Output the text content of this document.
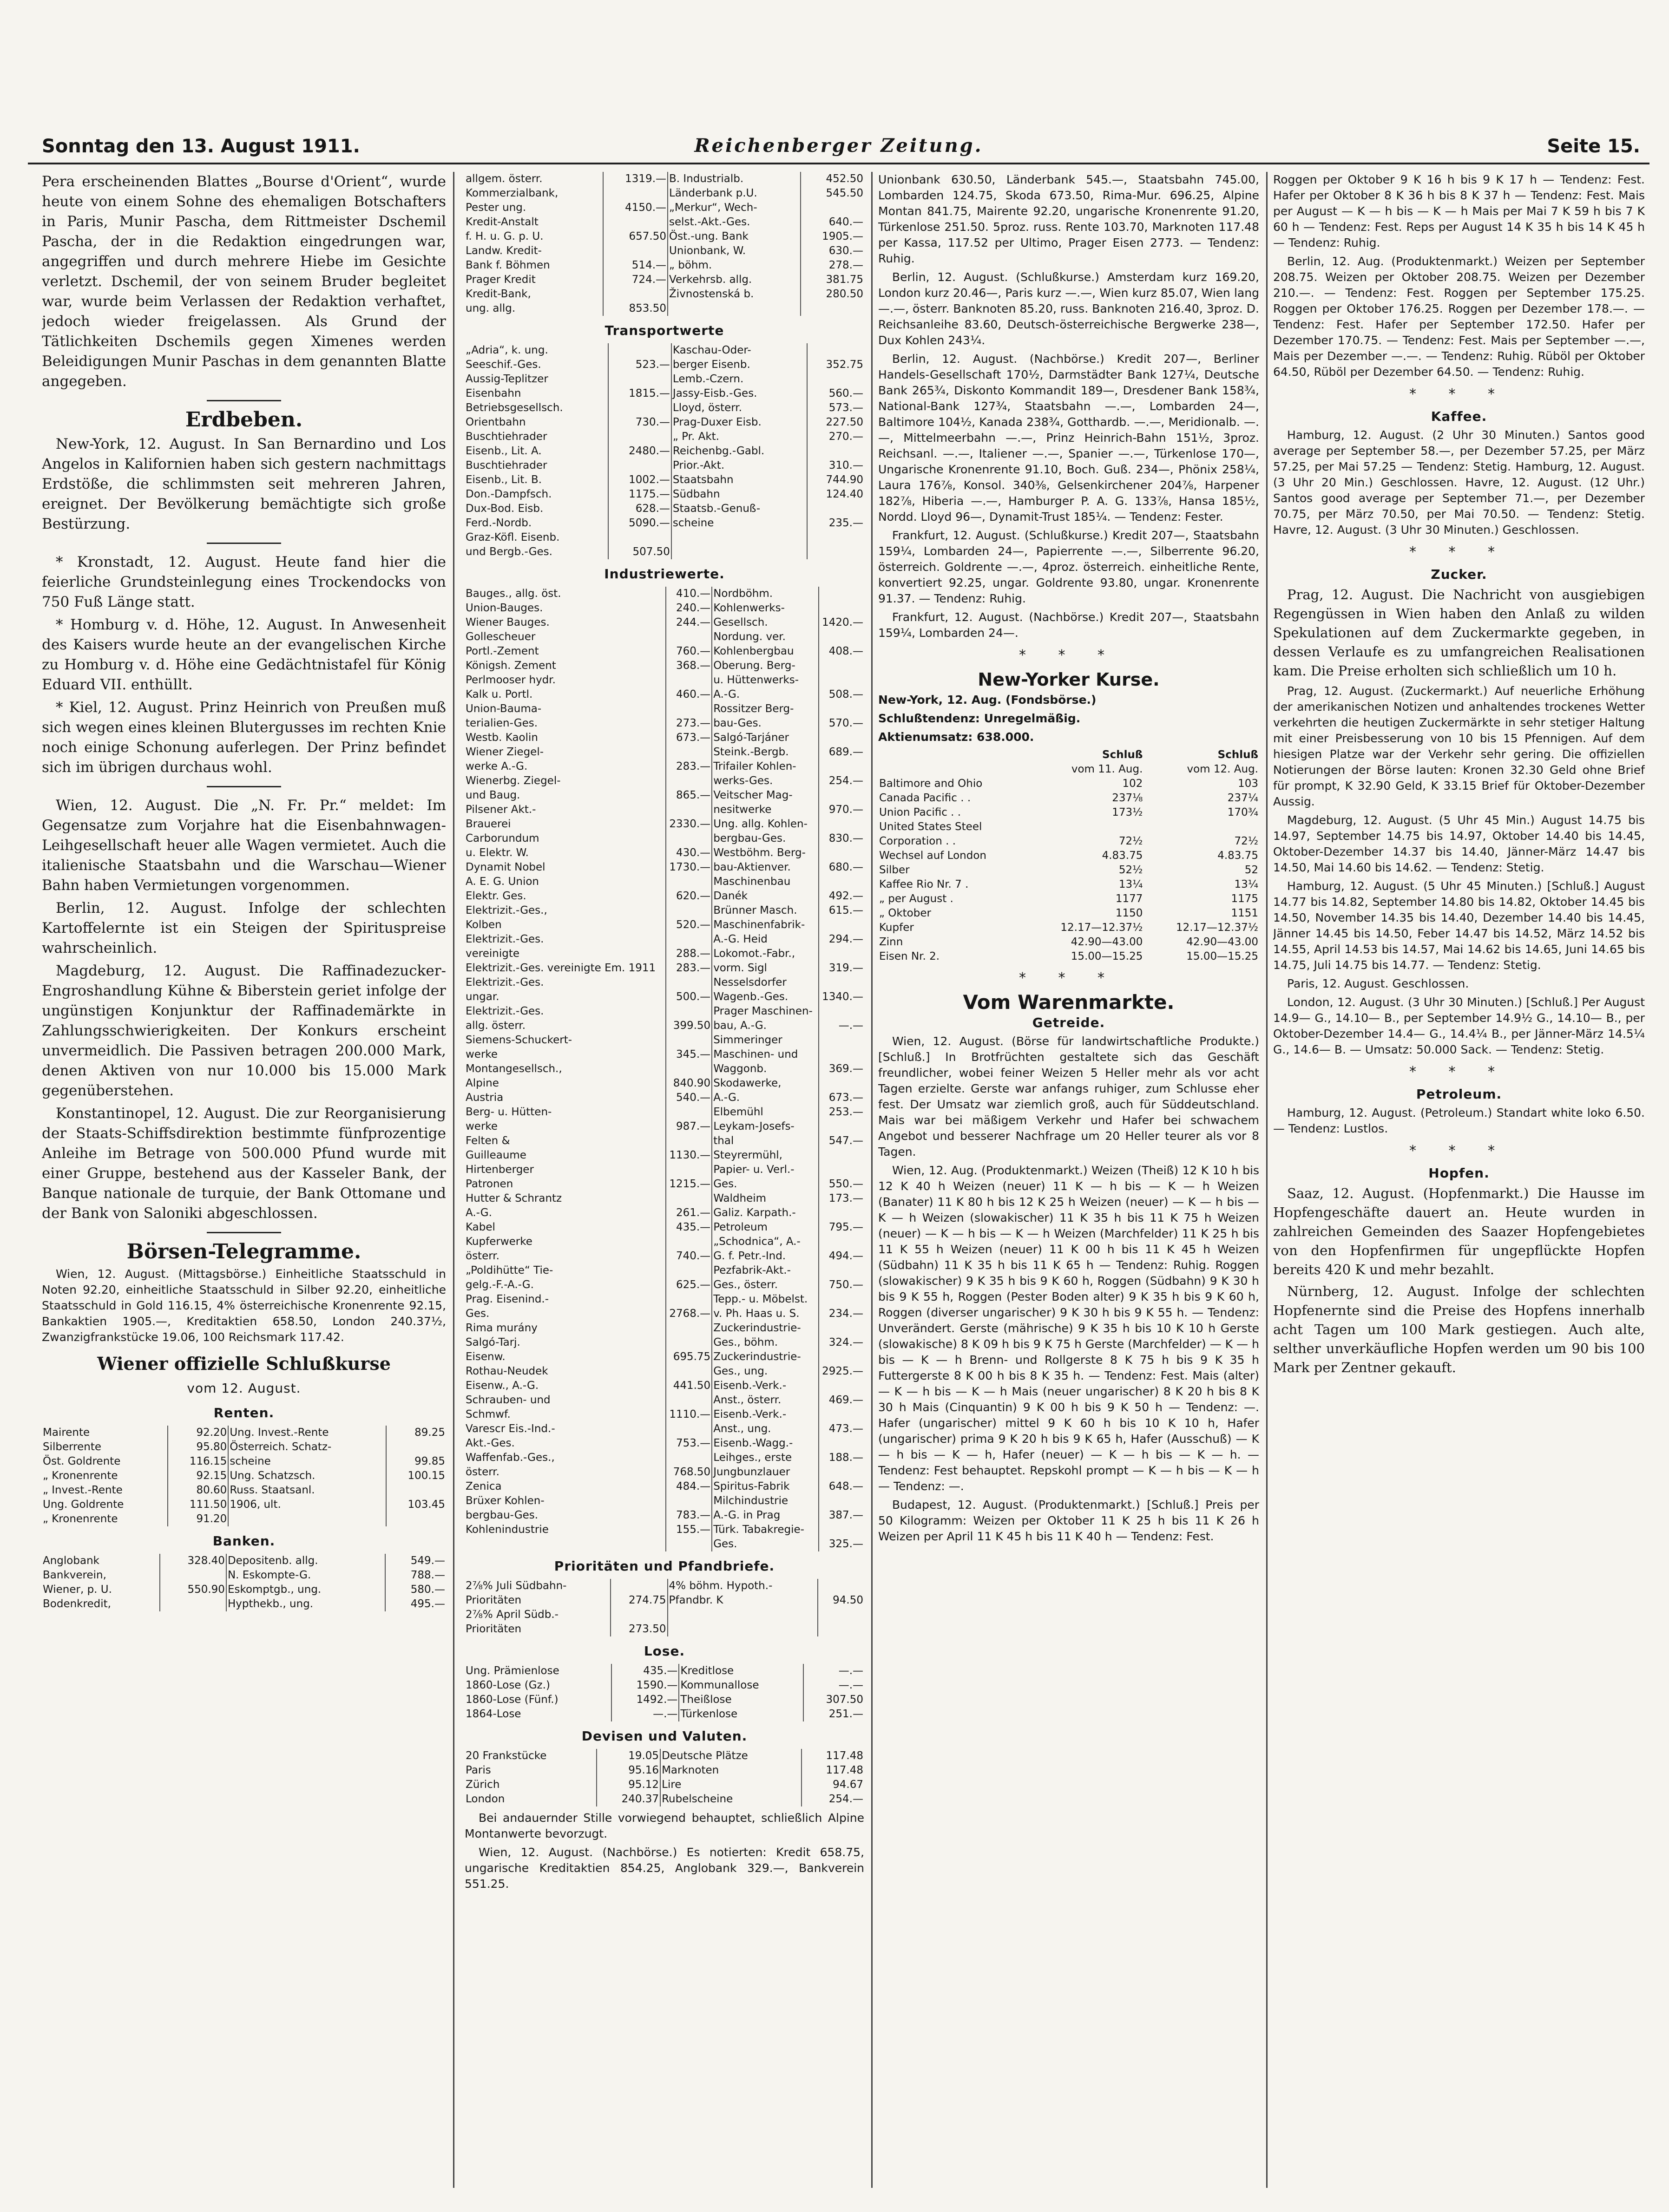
Sonntag den 13. August 1911.	Reichenberger Zeitung.	Seite 15.

Pera erscheinenden Blattes „Bourse d'Orient“, wurde heute von einem Sohne des ehemaligen Botschafters in Paris, Munir Pascha, dem Rittmeister Dschemil Pascha, der in die Redaktion eingedrungen war, angegriffen und durch mehrere Hiebe im Gesichte verletzt. Dschemil, der von seinem Bruder begleitet war, wurde beim Verlassen der Redaktion verhaftet, jedoch wieder freigelassen. Als Grund der Tätlichkeiten Dschemils gegen Ximenes werden Beleidigungen Munir Paschas in dem genannten Blatte angegeben.

Erdbeben.

New-York, 12. August. In San Bernardino und Los Angelos in Kalifornien haben sich gestern nachmittags Erdstöße, die schlimmsten seit mehreren Jahren, ereignet. Der Bevölkerung bemächtigte sich große Bestürzung.

* Kronstadt, 12. August. Heute fand hier die feierliche Grundsteinlegung eines Trockendocks von 750 Fuß Länge statt.

* Homburg v. d. Höhe, 12. August. In Anwesenheit des Kaisers wurde heute an der evangelischen Kirche zu Homburg v. d. Höhe eine Gedächtnistafel für König Eduard VII. enthüllt.

* Kiel, 12. August. Prinz Heinrich von Preußen muß sich wegen eines kleinen Blutergusses im rechten Knie noch einige Schonung auferlegen. Der Prinz befindet sich im übrigen durchaus wohl.

Wien, 12. August. Die „N. Fr. Pr.“ meldet: Im Gegensatze zum Vorjahre hat die Eisenbahnwagen-Leihgesellschaft heuer alle Wagen vermietet. Auch die italienische Staatsbahn und die Warschau—Wiener Bahn haben Vermietungen vorgenommen.

Berlin, 12. August. Infolge der schlechten Kartoffelernte ist ein Steigen der Spirituspreise wahrscheinlich.

Magdeburg, 12. August. Die Raffinadezucker-Engroshandlung Kühne & Biberstein geriet infolge der ungünstigen Konjunktur der Raffinademärkte in Zahlungsschwierigkeiten. Der Konkurs erscheint unvermeidlich. Die Passiven betragen 200.000 Mark, denen Aktiven von nur 10.000 bis 15.000 Mark gegenüberstehen.

Konstantinopel, 12. August. Die zur Reorganisierung der Staats-Schiffsdirektion bestimmte fünfprozentige Anleihe im Betrage von 500.000 Pfund wurde mit einer Gruppe, bestehend aus der Kasseler Bank, der Banque nationale de turquie, der Bank Ottomane und der Bank von Saloniki abgeschlossen.

Börsen-Telegramme.

Wien, 12. August. (Mittagsbörse.) Einheitliche Staatsschuld in Noten 92.20, einheitliche Staatsschuld in Silber 92.20, einheitliche Staatsschuld in Gold 116.15, 4% österreichische Kronenrente 92.15, Bankaktien 1905.—, Kreditaktien 658.50, London 240.37½, Zwanzigfrankstücke 19.06, 100 Reichsmark 117.42.

Wiener offizielle Schlußkurse
vom 12. August.
Renten.
Mairente	92.20	Ung. Invest.-Rente	89.25
Silberrente	95.80	Österreich. Schatz-	
Öst. Goldrente	116.15	scheine	99.85
„ Kronenrente	92.15	Ung. Schatzsch.	100.15
„ Invest.-Rente	80.60	Russ. Staatsanl.	
Ung. Goldrente	111.50	1906, ult.	103.45
„ Kronenrente	91.20		
Banken.
Anglobank	328.40	Depositenb. allg.	549.—
Bankverein,		N. Eskompte-G.	788.—
Wiener, p. U.	550.90	Eskomptgb., ung.	580.—
Bodenkredit,		Hypthekb., ung.	495.—
allgem. österr.	1319.—	B. Industrialb.	452.50
Kommerzialbank,		Länderbank p.U.	545.50
Pester ung.	4150.—	„Merkur“, Wech-	
Kredit-Anstalt		selst.-Akt.-Ges.	640.—
f. H. u. G. p. U.	657.50	Öst.-ung. Bank	1905.—
Landw. Kredit-		Unionbank, W.	630.—
Bank f. Böhmen	514.—	„ böhm.	278.—
Prager Kredit	724.—	Verkehrsb. allg.	381.75
Kredit-Bank,		Živnostenská b.	280.50
ung. allg.	853.50		
Transportwerte
„Adria“, k. ung.		Kaschau-Oder-	
Seeschif.-Ges.	523.—	berger Eisenb.	352.75
Aussig-Teplitzer		Lemb.-Czern.	
Eisenbahn	1815.—	Jassy-Eisb.-Ges.	560.—
Betriebsgesellsch.		Lloyd, österr.	573.—
Orientbahn	730.—	Prag-Duxer Eisb.	227.50
Buschtiehrader		„ Pr. Akt.	270.—
Eisenb., Lit. A.	2480.—	Reichenbg.-Gabl.	
Buschtiehrader		Prior.-Akt.	310.—
Eisenb., Lit. B.	1002.—	Staatsbahn	744.90
Don.-Dampfsch.	1175.—	Südbahn	124.40
Dux-Bod. Eisb.	628.—	Staatsb.-Genuß-	
Ferd.-Nordb.	5090.—	scheine	235.—
Graz-Köfl. Eisenb.			
und Bergb.-Ges.	507.50		
Industriewerte.
Bauges., allg. öst.	410.—	Nordböhm.	
Union-Bauges.	240.—	Kohlenwerks-	
Wiener Bauges.	244.—	Gesellsch.	1420.—
Gollescheuer		Nordung. ver.	
Portl.-Zement	760.—	Kohlenbergbau	408.—
Königsh. Zement	368.—	Oberung. Berg-	
Perlmooser hydr.		u. Hüttenwerks-	
Kalk u. Portl.	460.—	A.-G.	508.—
Union-Bauma-		Rossitzer Berg-	
terialien-Ges.	273.—	bau-Ges.	570.—
Westb. Kaolin	673.—	Salgó-Tarjáner	
Wiener Ziegel-		Steink.-Bergb.	689.—
werke A.-G.	283.—	Trifailer Kohlen-	
Wienerbg. Ziegel-		werks-Ges.	254.—
und Baug.	865.—	Veitscher Mag-	
Pilsener Akt.-		nesitwerke	970.—
Brauerei	2330.—	Ung. allg. Kohlen-	
Carborundum		bergbau-Ges.	830.—
u. Elektr. W.	430.—	Westböhm. Berg-	
Dynamit Nobel	1730.—	bau-Aktienver.	680.—
A. E. G. Union		Maschinenbau	
Elektr. Ges.	620.—	Danék	492.—
Elektrizit.-Ges.,		Brünner Masch.	615.—
Kolben	520.—	Maschinenfabrik-	
Elektrizit.-Ges.		A.-G. Heid	294.—
vereinigte	288.—	Lokomot.-Fabr.,	
Elektrizit.-Ges. vereinigte Em. 1911	283.—	vorm. Sigl	319.—
Elektrizit.-Ges.		Nesselsdorfer	
ungar.	500.—	Wagenb.-Ges.	1340.—
Elektrizit.-Ges.		Prager Maschinen-	
allg. österr.	399.50	bau, A.-G.	—.—
Siemens-Schuckert-		Simmeringer	
werke	345.—	Maschinen- und	
Montangesellsch.,		Waggonb.	369.—
Alpine	840.90	Skodawerke,	
Austria	540.—	A.-G.	673.—
Berg- u. Hütten-		Elbemühl	253.—
werke	987.—	Leykam-Josefs-	
Felten &		thal	547.—
Guilleaume	1130.—	Steyrermühl,	
Hirtenberger		Papier- u. Verl.-	
Patronen	1215.—	Ges.	550.—
Hutter & Schrantz		Waldheim	173.—
A.-G.	261.—	Galiz. Karpath.-	
Kabel	435.—	Petroleum	795.—
Kupferwerke		„Schodnica“, A.-	
österr.	740.—	G. f. Petr.-Ind.	494.—
„Poldihütte“ Tie-		Pezfabrik-Akt.-	
gelg.-F.-A.-G.	625.—	Ges., österr.	750.—
Prag. Eisenind.-		Tepp.- u. Möbelst.	
Ges.	2768.—	v. Ph. Haas u. S.	234.—
Rima murány		Zuckerindustrie-	
Salgó-Tarj.		Ges., böhm.	324.—
Eisenw.	695.75	Zuckerindustrie-	
Rothau-Neudek		Ges., ung.	2925.—
Eisenw., A.-G.	441.50	Eisenb.-Verk.-	
Schrauben- und		Anst., österr.	469.—
Schmwf.	1110.—	Eisenb.-Verk.-	
Varescr Eis.-Ind.-		Anst., ung.	473.—
Akt.-Ges.	753.—	Eisenb.-Wagg.-	
Waffenfab.-Ges.,		Leihges., erste	188.—
österr.	768.50	Jungbunzlauer	
Zenica	484.—	Spiritus-Fabrik	648.—
Brüxer Kohlen-		Milchindustrie	
bergbau-Ges.	783.—	A.-G. in Prag	387.—
Kohlenindustrie	155.—	Türk. Tabakregie-	
		Ges.	325.—
Prioritäten und Pfandbriefe.
2⅞% Juli Südbahn-		4% böhm. Hypoth.-	
Prioritäten	274.75	Pfandbr. K	94.50
2⅞% April Südb.-			
Prioritäten	273.50		
Lose.
Ung. Prämienlose	435.—	Kreditlose	—.—
1860-Lose (Gz.)	1590.—	Kommunallose	—.—
1860-Lose (Fünf.)	1492.—	Theißlose	307.50
1864-Lose	—.—	Türkenlose	251.—
Devisen und Valuten.
20 Frankstücke	19.05	Deutsche Plätze	117.48
Paris	95.16	Marknoten	117.48
Zürich	95.12	Lire	94.67
London	240.37	Rubelscheine	254.—

Bei andauernder Stille vorwiegend behauptet, schließlich Alpine Montanwerte bevorzugt.

Wien, 12. August. (Nachbörse.) Es notierten: Kredit 658.75, ungarische Kreditaktien 854.25, Anglobank 329.—, Bankverein 551.25.

Unionbank 630.50, Länderbank 545.—, Staatsbahn 745.00, Lombarden 124.75, Skoda 673.50, Rima-Mur. 696.25, Alpine Montan 841.75, Mairente 92.20, ungarische Kronenrente 91.20, Türkenlose 251.50. 5proz. russ. Rente 103.70, Marknoten 117.48 per Kassa, 117.52 per Ultimo, Prager Eisen 2773. — Tendenz: Ruhig.

Berlin, 12. August. (Schlußkurse.) Amsterdam kurz 169.20, London kurz 20.46—, Paris kurz —.—, Wien kurz 85.07, Wien lang —.—, österr. Banknoten 85.20, russ. Banknoten 216.40, 3proz. D. Reichsanleihe 83.60, Deutsch-österreichische Bergwerke 238—, Dux Kohlen 243¼.

Berlin, 12. August. (Nachbörse.) Kredit 207—, Berliner Handels-Gesellschaft 170½, Darmstädter Bank 127¼, Deutsche Bank 265¾, Diskonto Kommandit 189—, Dresdener Bank 158¾, National-Bank 127¾, Staatsbahn —.—, Lombarden 24—, Baltimore 104½, Kanada 238¾, Gotthardb. —.—, Meridionalb. —.—, Mittelmeerbahn —.—, Prinz Heinrich-Bahn 151½, 3proz. Reichsanl. —.—, Italiener —.—, Spanier —.—, Türkenlose 170—, Ungarische Kronenrente 91.10, Boch. Guß. 234—, Phönix 258¼, Laura 176⅞, Konsol. 340⅜, Gelsenkirchener 204⅞, Harpener 182⅞, Hiberia —.—, Hamburger P. A. G. 133⅞, Hansa 185½, Nordd. Lloyd 96—, Dynamit-Trust 185¼. — Tendenz: Fester.

Frankfurt, 12. August. (Schlußkurse.) Kredit 207—, Staatsbahn 159¼, Lombarden 24—, Papierrente —.—, Silberrente 96.20, österreich. Goldrente —.—, 4proz. österreich. einheitliche Rente, konvertiert 92.25, ungar. Goldrente 93.80, ungar. Kronenrente 91.37. — Tendenz: Ruhig.

Frankfurt, 12. August. (Nachbörse.) Kredit 207—, Staatsbahn 159¼, Lombarden 24—.

* * *
New-Yorker Kurse.

New-York, 12. Aug. (Fondsbörse.)

Schlußtendenz: Unregelmäßig.

Aktienumsatz: 638.000.

	Schluß	Schluß
	vom 11. Aug.	vom 12. Aug.
Baltimore and Ohio	102	103
Canada Pacific . .	237⅛	237¼
Union Pacific . .	173½	170¾
United States Steel		
Corporation . .	72½	72½
Wechsel auf London	4.83.75	4.83.75
Silber	52½	52
Kaffee Rio Nr. 7 .	13¼	13¼
„ per August .	1177	1175
„ Oktober	1150	1151
Kupfer	12.17—12.37½	12.17—12.37½
Zinn	42.90—43.00	42.90—43.00
Eisen Nr. 2.	15.00—15.25	15.00—15.25
* * *
Vom Warenmarkte.
Getreide.

Wien, 12. August. (Börse für landwirtschaftliche Produkte.) [Schluß.] In Brotfrüchten gestaltete sich das Geschäft freundlicher, wobei feiner Weizen 5 Heller mehr als vor acht Tagen erzielte. Gerste war anfangs ruhiger, zum Schlusse eher fest. Der Umsatz war ziemlich groß, auch für Süddeutschland. Mais war bei mäßigem Verkehr und Hafer bei schwachem Angebot und besserer Nachfrage um 20 Heller teurer als vor 8 Tagen.

Wien, 12. Aug. (Produktenmarkt.) Weizen (Theiß) 12 K 10 h bis 12 K 40 h Weizen (neuer) 11 K — h bis — K — h Weizen (Banater) 11 K 80 h bis 12 K 25 h Weizen (neuer) — K — h bis — K — h Weizen (slowakischer) 11 K 35 h bis 11 K 75 h Weizen (neuer) — K — h bis — K — h Weizen (Marchfelder) 11 K 25 h bis 11 K 55 h Weizen (neuer) 11 K 00 h bis 11 K 45 h Weizen (Südbahn) 11 K 35 h bis 11 K 65 h — Tendenz: Ruhig. Roggen (slowakischer) 9 K 35 h bis 9 K 60 h, Roggen (Südbahn) 9 K 30 h bis 9 K 55 h, Roggen (Pester Boden alter) 9 K 35 h bis 9 K 60 h, Roggen (diverser ungarischer) 9 K 30 h bis 9 K 55 h. — Tendenz: Unverändert. Gerste (mährische) 9 K 35 h bis 10 K 10 h Gerste (slowakische) 8 K 09 h bis 9 K 75 h Gerste (Marchfelder) — K — h bis — K — h Brenn- und Rollgerste 8 K 75 h bis 9 K 35 h Futtergerste 8 K 00 h bis 8 K 35 h. — Tendenz: Fest. Mais (alter) — K — h bis — K — h Mais (neuer ungarischer) 8 K 20 h bis 8 K 30 h Mais (Cinquantin) 9 K 00 h bis 9 K 50 h — Tendenz: —. Hafer (ungarischer) mittel 9 K 60 h bis 10 K 10 h, Hafer (ungarischer) prima 9 K 20 h bis 9 K 65 h, Hafer (Ausschuß) — K — h bis — K — h, Hafer (neuer) — K — h bis — K — h. — Tendenz: Fest behauptet. Repskohl prompt — K — h bis — K — h — Tendenz: —.

Budapest, 12. August. (Produktenmarkt.) [Schluß.] Preis per 50 Kilogramm: Weizen per Oktober 11 K 25 h bis 11 K 26 h Weizen per April 11 K 45 h bis 11 K 40 h — Tendenz: Fest.

Roggen per Oktober 9 K 16 h bis 9 K 17 h — Tendenz: Fest. Hafer per Oktober 8 K 36 h bis 8 K 37 h — Tendenz: Fest. Mais per August — K — h bis — K — h Mais per Mai 7 K 59 h bis 7 K 60 h — Tendenz: Fest. Reps per August 14 K 35 h bis 14 K 45 h — Tendenz: Ruhig.

Berlin, 12. Aug. (Produktenmarkt.) Weizen per September 208.75. Weizen per Oktober 208.75. Weizen per Dezember 210.—. — Tendenz: Fest. Roggen per September 175.25. Roggen per Oktober 176.25. Roggen per Dezember 178.—. — Tendenz: Fest. Hafer per September 172.50. Hafer per Dezember 170.75. — Tendenz: Fest. Mais per September —.—, Mais per Dezember —.—. — Tendenz: Ruhig. Rüböl per Oktober 64.50, Rüböl per Dezember 64.50. — Tendenz: Ruhig.

* * *
Kaffee.

Hamburg, 12. August. (2 Uhr 30 Minuten.) Santos good average per September 58.—, per Dezember 57.25, per März 57.25, per Mai 57.25 — Tendenz: Stetig. Hamburg, 12. August. (3 Uhr 20 Min.) Geschlossen. Havre, 12. August. (12 Uhr.) Santos good average per September 71.—, per Dezember 70.75, per März 70.50, per Mai 70.50. — Tendenz: Stetig. Havre, 12. August. (3 Uhr 30 Minuten.) Geschlossen.

* * *
Zucker.

Prag, 12. August. Die Nachricht von ausgiebigen Regengüssen in Wien haben den Anlaß zu wilden Spekulationen auf dem Zuckermarkte gegeben, in dessen Verlaufe es zu umfangreichen Realisationen kam. Die Preise erholten sich schließlich um 10 h.

Prag, 12. August. (Zuckermarkt.) Auf neuerliche Erhöhung der amerikanischen Notizen und anhaltendes trockenes Wetter verkehrten die heutigen Zuckermärkte in sehr stetiger Haltung mit einer Preisbesserung von 10 bis 15 Pfennigen. Auf dem hiesigen Platze war der Verkehr sehr gering. Die offiziellen Notierungen der Börse lauten: Kronen 32.30 Geld ohne Brief für prompt, K 32.90 Geld, K 33.15 Brief für Oktober-Dezember Aussig.

Magdeburg, 12. August. (5 Uhr 45 Min.) August 14.75 bis 14.97, September 14.75 bis 14.97, Oktober 14.40 bis 14.45, Oktober-Dezember 14.37 bis 14.40, Jänner-März 14.47 bis 14.50, Mai 14.60 bis 14.62. — Tendenz: Stetig.

Hamburg, 12. August. (5 Uhr 45 Minuten.) [Schluß.] August 14.77 bis 14.82, September 14.80 bis 14.82, Oktober 14.45 bis 14.50, November 14.35 bis 14.40, Dezember 14.40 bis 14.45, Jänner 14.45 bis 14.50, Feber 14.47 bis 14.52, März 14.52 bis 14.55, April 14.53 bis 14.57, Mai 14.62 bis 14.65, Juni 14.65 bis 14.75, Juli 14.75 bis 14.77. — Tendenz: Stetig.

Paris, 12. August. Geschlossen.

London, 12. August. (3 Uhr 30 Minuten.) [Schluß.] Per August 14.9— G., 14.10— B., per September 14.9½ G., 14.10— B., per Oktober-Dezember 14.4— G., 14.4¼ B., per Jänner-März 14.5¼ G., 14.6— B. — Umsatz: 50.000 Sack. — Tendenz: Stetig.

* * *
Petroleum.

Hamburg, 12. August. (Petroleum.) Standart white loko 6.50. — Tendenz: Lustlos.

* * *
Hopfen.

Saaz, 12. August. (Hopfenmarkt.) Die Hausse im Hopfengeschäfte dauert an. Heute wurden in zahlreichen Gemeinden des Saazer Hopfengebietes von den Hopfenfirmen für ungepflückte Hopfen bereits 420 K und mehr bezahlt.

Nürnberg, 12. August. Infolge der schlechten Hopfenernte sind die Preise des Hopfens innerhalb acht Tagen um 100 Mark gestiegen. Auch alte, selther unverkäufliche Hopfen werden um 90 bis 100 Mark per Zentner gekauft.
